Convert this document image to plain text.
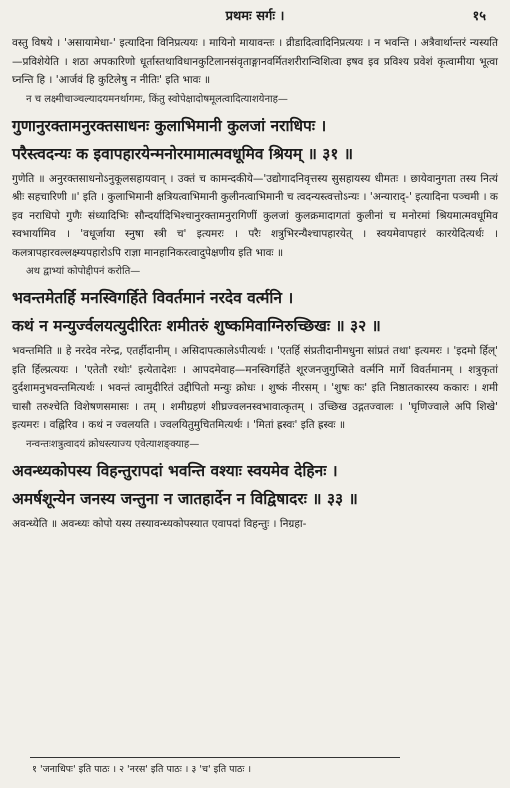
प्रथमः सर्गः ।	१५

वस्तु विषये । 'असायामेधा-' इत्यादिना विनिप्रत्ययः । मायिनो मायावन्तः । व्रीडादित्वादिनिप्रत्ययः । न भवन्ति । अत्रैवार्थान्तरं न्यस्यति—प्रविशेयेति । शठा अपकारिणो धूर्तास्तथाविधानकुटिलानसंवृताङ्गानवर्मितशरीरान्विशित्वा इषव इव प्रविश्य प्रवेशं कृत्वामीया भूत्वा घ्नन्ति हि । 'आर्जवं हि कुटिलेषु न नीतिः' इति भावः ॥

न च लक्ष्मीचाञ्चल्यादयमनर्थागमः, किंतु स्वोपेक्षादोषमूलत्वादित्याशयेनाह—

गुणानुरक्तामनुरक्तसाधनः कुलाभिमानी कुलजां नराधिपः ।
परैस्त्वदन्यः क इवापहारयेन्मनोरमामात्मवधूमिव श्रियम् ॥ ३१ ॥

गुणेति ॥ अनुरक्तसाधनोऽनुकूलसहायवान् । उक्तं च कामन्दकीये—'उद्योगादनिवृत्तस्य सुसहायस्य धीमतः । छायेवानुगता तस्य नित्यं श्रीः सहचारिणी ॥' इति । कुलाभिमानी क्षत्रियत्वाभिमानी कुलीनत्वाभिमानी च त्वदन्यस्त्वत्तोऽन्यः । 'अन्याराद्-' इत्यादिना पञ्चमी । क इव नराधिपो गुणैः संध्यादिभिः सौन्दर्यादिभिश्चानुरक्तामनुरागिणीं कुलजां कुलक्रमादागतां कुलीनां च मनोरमां श्रियमात्मवधूमिव स्वभार्यामिव । 'वधूर्जाया स्नुषा स्त्री च' इत्यमरः । परैः शत्रुभिरन्यैश्चापहारयेत् । स्वयमेवापहारं कारयेदित्यर्थः । कलत्रापहारवल्लक्ष्म्यपहारोऽपि राज्ञा मानहानिकरत्वादुपेक्षणीय इति भावः ॥

अथ द्वाभ्यां कोपोद्दीपनं करोति—

भवन्तमेतर्हि मनस्विगर्हिते विवर्तमानं नरदेव वर्त्मनि ।
कथं न मन्युर्ज्वलयत्युदीरितः शमीतरुं शुष्कमिवाग्निरुच्छिखः ॥ ३२ ॥

भवन्तमिति ॥ हे नरदेव नरेन्द्र, एतर्हीदानीम् । असिदापत्कालेऽपीत्यर्थः । 'एतर्हि संप्रतीदानीमधुना सांप्रतं तथा' इत्यमरः । 'इदमो र्हिल्' इति र्हिल्प्रत्ययः । 'एतेतौ रथोः' इत्येतादेशः । आपदमेवाह—मनस्विगर्हिते शूरजनजुगुप्सिते वर्त्मनि मार्गे विवर्तमानम् । शत्रुकृतां दुर्दशामनुभवन्तमित्यर्थः । भवन्तं त्वामुदीरितं उद्दीपितो मन्युः क्रोधः । शुष्कं नीरसम् । 'शुषः कः' इति निष्ठातकारस्य ककारः । शमी चासौ तरुश्चेति विशेषणसमासः । तम् । शमीग्रहणं शीघ्रज्वलनस्वभावात्कृतम् । उच्छिख उद्गतज्वालः । 'घृणिज्वाले अपि शिखे' इत्यमरः । वह्निरिव । कथं न ज्वलयति । ज्वलयितुमुचितमित्यर्थः । 'मितां ह्रस्वः' इति ह्रस्वः ॥

नन्वन्तःशत्रुत्वादयं क्रोधस्त्याज्य एवेत्याशङ्क्याह—

अवन्ध्यकोपस्य विहन्तुरापदां भवन्ति वश्याः स्वयमेव देहिनः ।
अमर्षशून्येन जनस्य जन्तुना न जातहार्देन न विद्विषादरः ॥ ३३ ॥

अवन्ध्येति ॥ अवन्ध्यः कोपो यस्य तस्यावन्ध्यकोपस्यात एवापदां विहन्तुः । निग्रहा-

१ 'जनाधिपः' इति पाठः । २ 'नरस' इति पाठः । ३ 'च' इति पाठः ।
